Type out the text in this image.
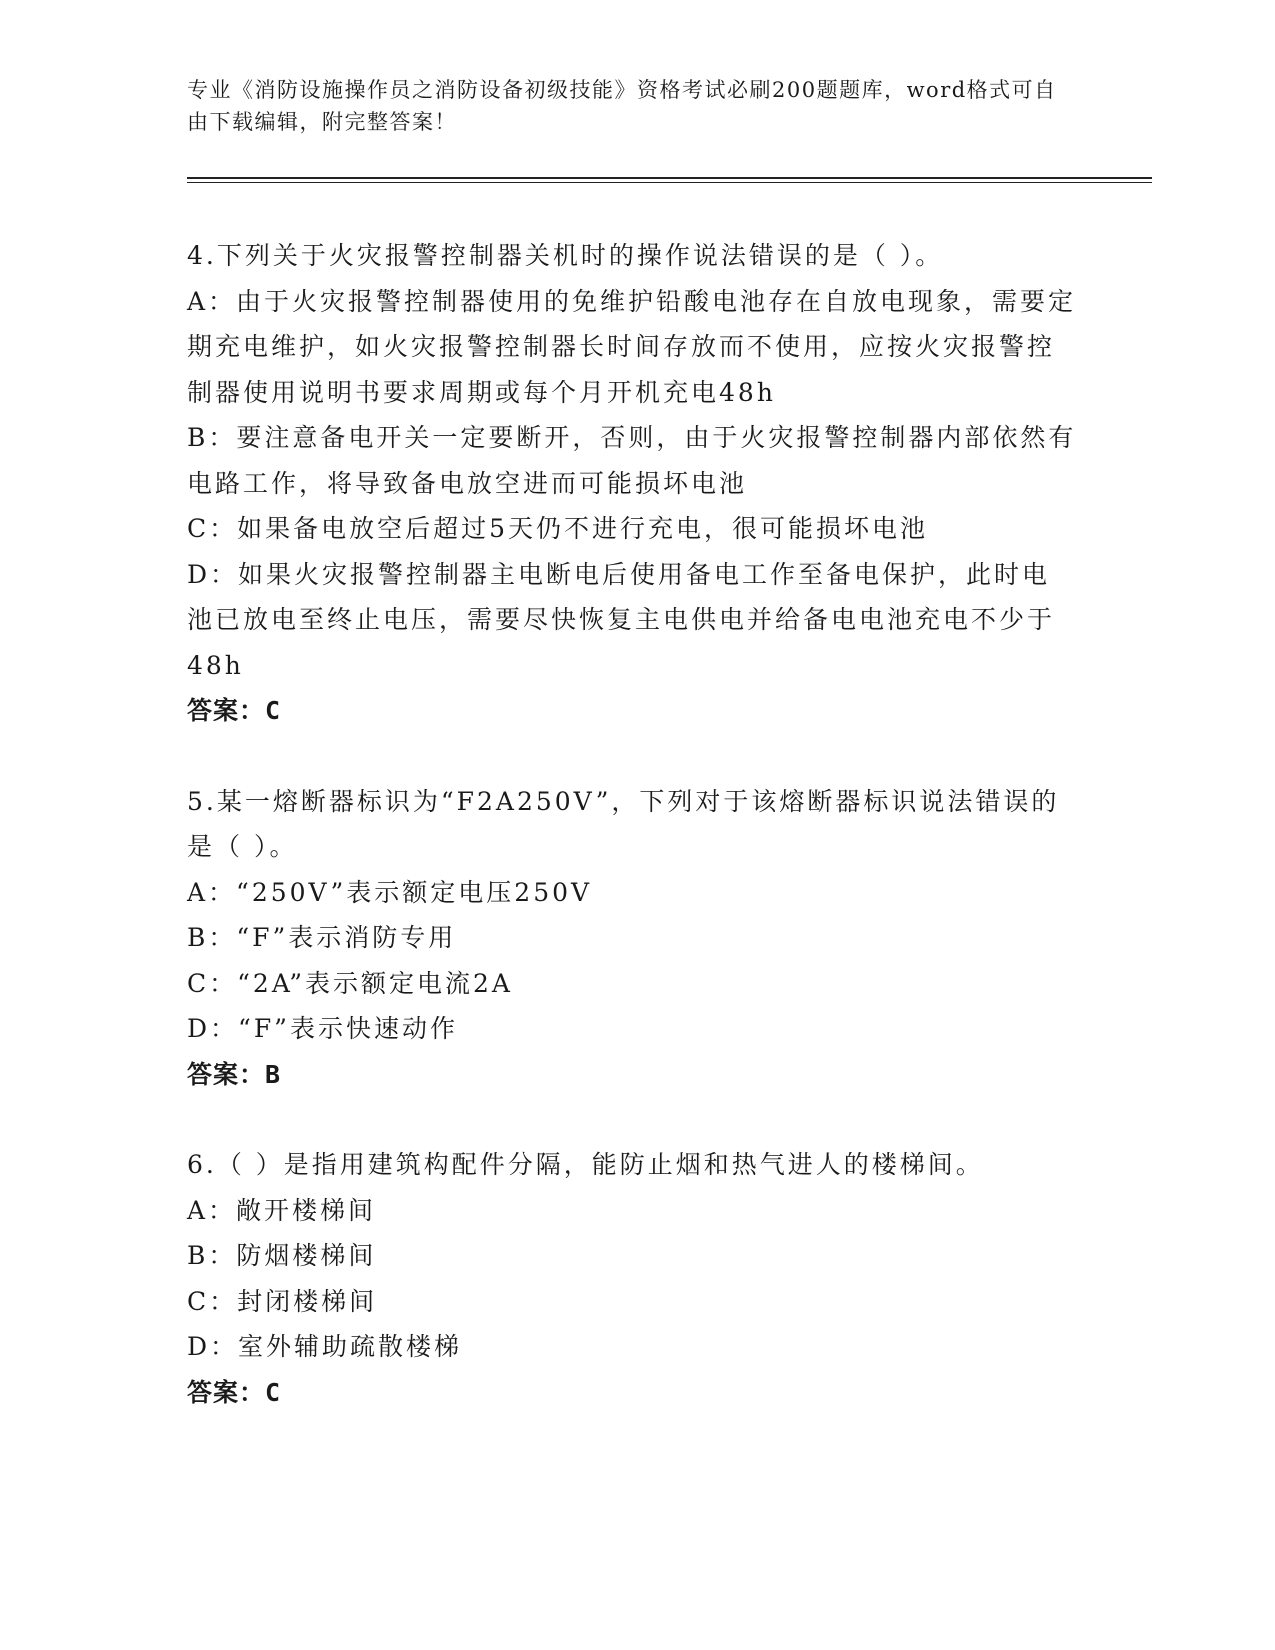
专业《消防设施操作员之消防设备初级技能》资格考试必刷200题题库，word格式可自由下载编辑，附完整答案！

4.下列关于火灾报警控制器关机时的操作说法错误的是（ ）。

A：由于火灾报警控制器使用的免维护铅酸电池存在自放电现象，需要定期充电维护，如火灾报警控制器长时间存放而不使用，应按火灾报警控制器使用说明书要求周期或每个月开机充电48h

B：要注意备电开关一定要断开，否则，由于火灾报警控制器内部依然有电路工作，将导致备电放空进而可能损坏电池

C：如果备电放空后超过5天仍不进行充电，很可能损坏电池

D：如果火灾报警控制器主电断电后使用备电工作至备电保护，此时电池已放电至终止电压，需要尽快恢复主电供电并给备电电池充电不少于48h

答案：C

5.某一熔断器标识为“F2A250V”，下列对于该熔断器标识说法错误的是（ ）。

A：“250V”表示额定电压250V

B：“F”表示消防专用

C：“2A”表示额定电流2A

D：“F”表示快速动作

答案：B

6.（ ）是指用建筑构配件分隔，能防止烟和热气进人的楼梯间。

A：敞开楼梯间

B：防烟楼梯间

C：封闭楼梯间

D：室外辅助疏散楼梯

答案：C
